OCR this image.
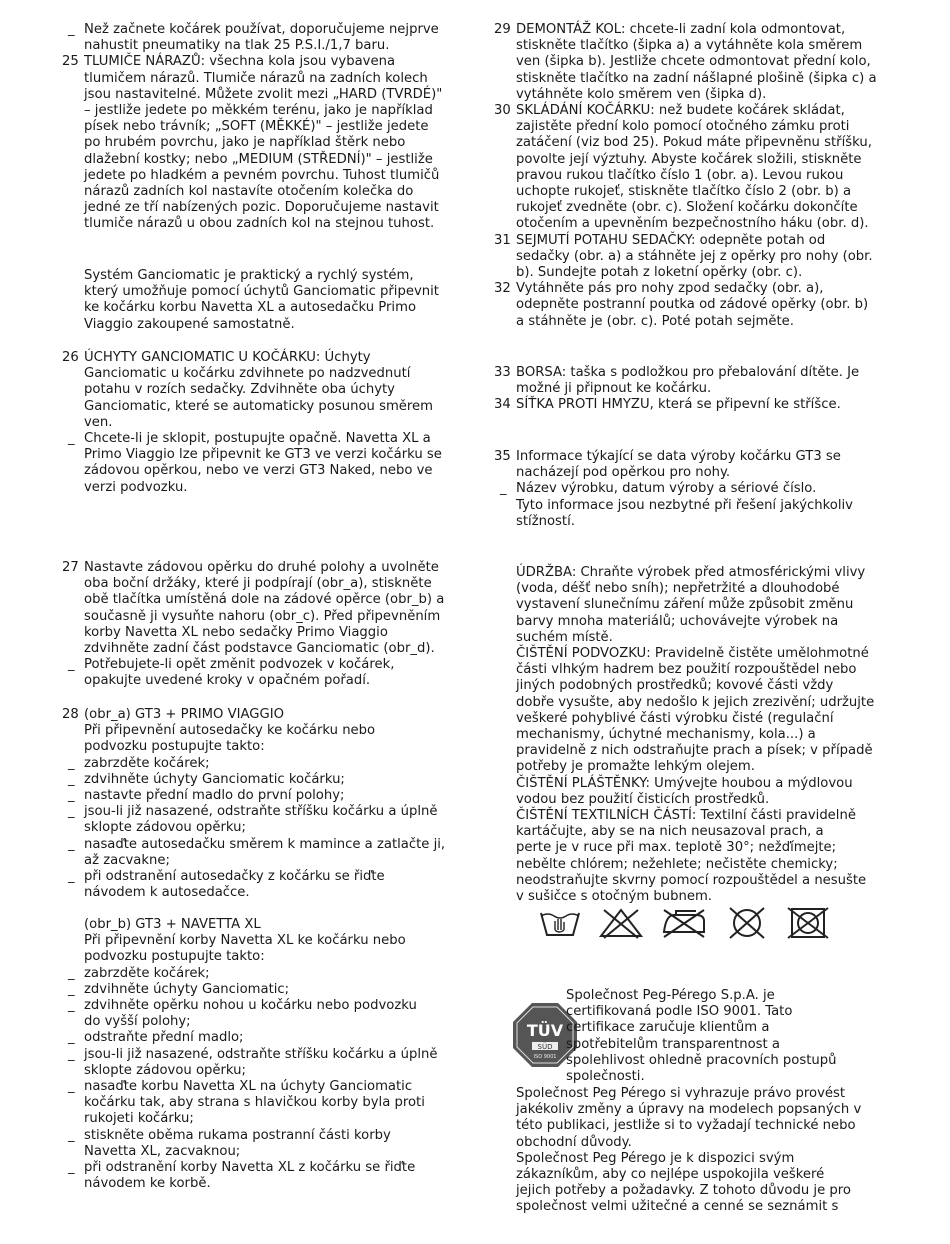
_ Než začnete kočárek používat, doporučujeme nejprve
nahustit pneumatiky na tlak 25 P.S.I./1,7 baru.
25 TLUMIČE NÁRAZŮ: všechna kola jsou vybavena
tlumičem nárazů. Tlumiče nárazů na zadních kolech
jsou nastavitelné. Můžete zvolit mezi „HARD (TVRDÉ)"
– jestliže jedete po měkkém terénu, jako je například
písek nebo trávník; „SOFT (MĚKKÉ)" – jestliže jedete
po hrubém povrchu, jako je například štěrk nebo
dlažební kostky; nebo „MEDIUM (STŘEDNÍ)" – jestliže
jedete po hladkém a pevném povrchu. Tuhost tlumičů
nárazů zadních kol nastavíte otočením kolečka do
jedné ze tří nabízených pozic. Doporučujeme nastavit
tlumiče nárazů u obou zadních kol na stejnou tuhost.
Systém Ganciomatic je praktický a rychlý systém,
který umožňuje pomocí úchytů Ganciomatic připevnit
ke kočárku korbu Navetta XL a autosedačku Primo
Viaggio zakoupené samostatně.
26 ÚCHYTY GANCIOMATIC U KOČÁRKU: Úchyty
Ganciomatic u kočárku zdvihnete po nadzvednutí
potahu v rozích sedačky. Zdvihněte oba úchyty
Ganciomatic, které se automaticky posunou směrem
ven.
_ Chcete-li je sklopit, postupujte opačně. Navetta XL a
Primo Viaggio lze připevnit ke GT3 ve verzi kočárku se
zádovou opěrkou, nebo ve verzi GT3 Naked, nebo ve
verzi podvozku.
27 Nastavte zádovou opěrku do druhé polohy a uvolněte
oba boční držáky, které ji podpírají (obr_a), stiskněte
obě tlačítka umístěná dole na zádové opěrce (obr_b) a
současně ji vysuňte nahoru (obr_c). Před připevněním
korby Navetta XL nebo sedačky Primo Viaggio
zdvihněte zadní část podstavce Ganciomatic (obr_d).
_ Potřebujete-li opět změnit podvozek v kočárek,
opakujte uvedené kroky v opačném pořadí.
28 (obr_a) GT3 + PRIMO VIAGGIO
Při připevnění autosedačky ke kočárku nebo
podvozku postupujte takto:
_ zabrzděte kočárek;
_ zdvihněte úchyty Ganciomatic kočárku;
_ nastavte přední madlo do první polohy;
_ jsou-li již nasazené, odstraňte stříšku kočárku a úplně
sklopte zádovou opěrku;
_ nasaďte autosedačku směrem k mamince a zatlačte ji,
až zacvakne;
_ při odstranění autosedačky z kočárku se řiďte
návodem k autosedačce.
(obr_b) GT3 + NAVETTA XL
Při připevnění korby Navetta XL ke kočárku nebo
podvozku postupujte takto:
_ zabrzděte kočárek;
_ zdvihněte úchyty Ganciomatic;
_ zdvihněte opěrku nohou u kočárku nebo podvozku
do vyšší polohy;
_ odstraňte přední madlo;
_ jsou-li již nasazené, odstraňte stříšku kočárku a úplně
sklopte zádovou opěrku;
_ nasaďte korbu Navetta XL na úchyty Ganciomatic
kočárku tak, aby strana s hlavičkou korby byla proti
rukojeti kočárku;
_ stiskněte oběma rukama postranní části korby
Navetta XL, zacvaknou;
_ při odstranění korby Navetta XL z kočárku se řiďte
návodem ke korbě.
TÜV
SÜD
ISO 9001
Společnost Peg-Pérego S.p.A. je
certifikovaná podle ISO 9001. Tato
certifikace zaručuje klientům a
spotřebitelům transparentnost a
spolehlivost ohledně pracovních postupů
společnosti.
Společnost Peg Pérego si vyhrazuje právo provést
jakékoliv změny a úpravy na modelech popsaných v
této publikaci, jestliže si to vyžadají technické nebo
obchodní důvody.
Společnost Peg Pérego je k dispozici svým
zákazníkům, aby co nejlépe uspokojila veškeré
jejich potřeby a požadavky. Z tohoto důvodu je pro
společnost velmi užitečné a cenné se seznámit s
29 DEMONTÁŽ KOL: chcete-li zadní kola odmontovat,
stiskněte tlačítko (šipka a) a vytáhněte kola směrem
ven (šipka b). Jestliže chcete odmontovat přední kolo,
stiskněte tlačítko na zadní nášlapné plošině (šipka c) a
vytáhněte kolo směrem ven (šipka d).
30 SKLÁDÁNÍ KOČÁRKU: než budete kočárek skládat,
zajistěte přední kolo pomocí otočného zámku proti
zatáčení (viz bod 25). Pokud máte připevněnu stříšku,
povolte její výztuhy. Abyste kočárek složili, stiskněte
pravou rukou tlačítko číslo 1 (obr. a). Levou rukou
uchopte rukojeť, stiskněte tlačítko číslo 2 (obr. b) a
rukojeť zvedněte (obr. c). Složení kočárku dokončíte
otočením a upevněním bezpečnostního háku (obr. d).
31 SEJMUTÍ POTAHU SEDAČKY: odepněte potah od
sedačky (obr. a) a stáhněte jej z opěrky pro nohy (obr.
b). Sundejte potah z loketní opěrky (obr. c).
32 Vytáhněte pás pro nohy zpod sedačky (obr. a),
odepněte postranní poutka od zádové opěrky (obr. b)
a stáhněte je (obr. c). Poté potah sejměte.
33 BORSA: taška s podložkou pro přebalování dítěte. Je
možné ji připnout ke kočárku.
34 SÍŤKA PROTI HMYZU, která se připevní ke stříšce.
35 Informace týkající se data výroby kočárku GT3 se
nacházejí pod opěrkou pro nohy.
_ Název výrobku, datum výroby a sériové číslo.
Tyto informace jsou nezbytné při řešení jakýchkoliv
stížností.
ÚDRŽBA: Chraňte výrobek před atmosférickými vlivy
(voda, déšť nebo sníh); nepřetržité a dlouhodobé
vystavení slunečnímu záření může způsobit změnu
barvy mnoha materiálů; uchovávejte výrobek na
suchém místě.
ČIŠTĚNÍ PODVOZKU: Pravidelně čistěte umělohmotné
části vlhkým hadrem bez použití rozpouštědel nebo
jiných podobných prostředků; kovové části vždy
dobře vysušte, aby nedošlo k jejich zrezivění; udržujte
veškeré pohyblivé části výrobku čisté (regulační
mechanismy, úchytné mechanismy, kola...) a
pravidelně z nich odstraňujte prach a písek; v případě
potřeby je promažte lehkým olejem.
ČIŠTĚNÍ PLÁŠTĚNKY: Umývejte houbou a mýdlovou
vodou bez použití čisticích prostředků.
ČIŠTĚNÍ TEXTILNÍCH ČÁSTÍ: Textilní části pravidelně
kartáčujte, aby se na nich neusazoval prach, a
perte je v ruce při max. teplotě 30°; nežďímejte;
nebělte chlórem; nežehlete; nečistěte chemicky;
neodstraňujte skvrny pomocí rozpouštědel a nesušte
v sušičce s otočným bubnem.
